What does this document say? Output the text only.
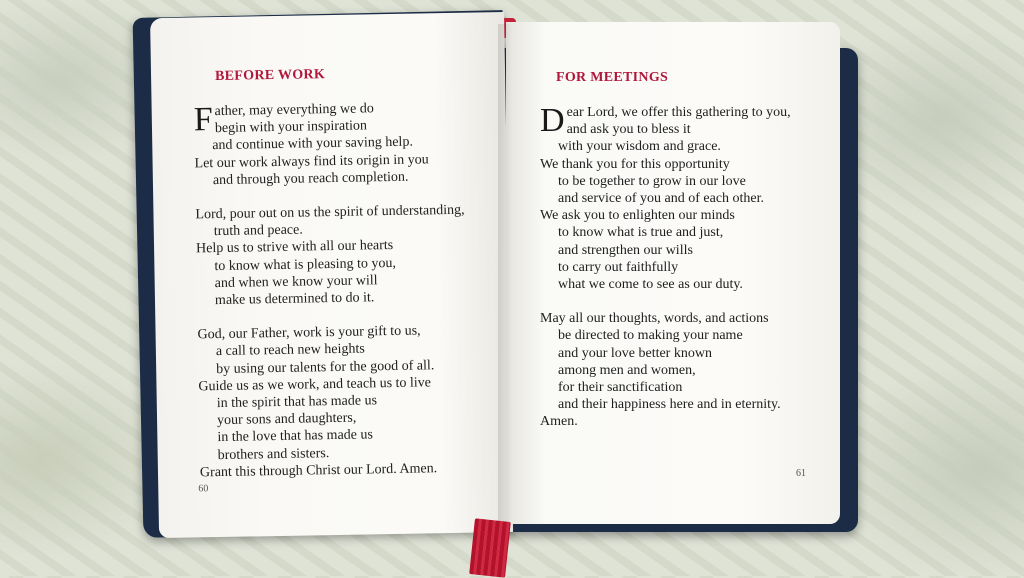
BEFORE WORK
F ather, may everything we do
begin with your inspiration
and continue with your saving help.
Let our work always find its origin in you
and through you reach completion.
Lord, pour out on us the spirit of understanding,
truth and peace.
Help us to strive with all our hearts
to know what is pleasing to you,
and when we know your will
make us determined to do it.
God, our Father, work is your gift to us,
a call to reach new heights
by using our talents for the good of all.
Guide us as we work, and teach us to live
in the spirit that has made us
your sons and daughters,
in the love that has made us
brothers and sisters.
Grant this through Christ our Lord. Amen.
60
FOR MEETINGS
D ear Lord, we offer this gathering to you,
and ask you to bless it
with your wisdom and grace.
We thank you for this opportunity
to be together to grow in our love
and service of you and of each other.
We ask you to enlighten our minds
to know what is true and just,
and strengthen our wills
to carry out faithfully
what we come to see as our duty.
May all our thoughts, words, and actions
be directed to making your name
and your love better known
among men and women,
for their sanctification
and their happiness here and in eternity.
Amen.
61
